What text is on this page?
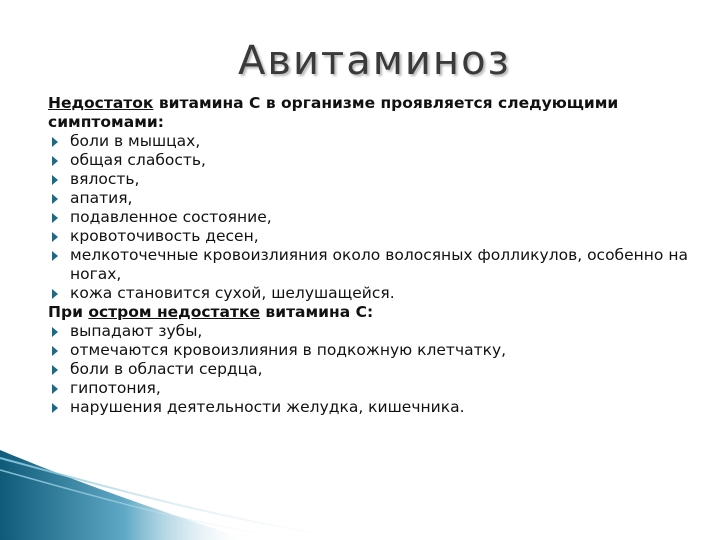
Авитаминоз

Недостаток витамина С в организме проявляется следующими симптомами:

боли в мышцах,
общая слабость,
вялость,
апатия,
подавленное состояние,
кровоточивость десен,
мелкоточечные кровоизлияния около волосяных фолликулов, особенно на ногах,
кожа становится сухой, шелушащейся.

При остром недостатке витамина С:

выпадают зубы,
отмечаются кровоизлияния в подкожную клетчатку,
боли в области сердца,
гипотония,
нарушения деятельности желудка, кишечника.
